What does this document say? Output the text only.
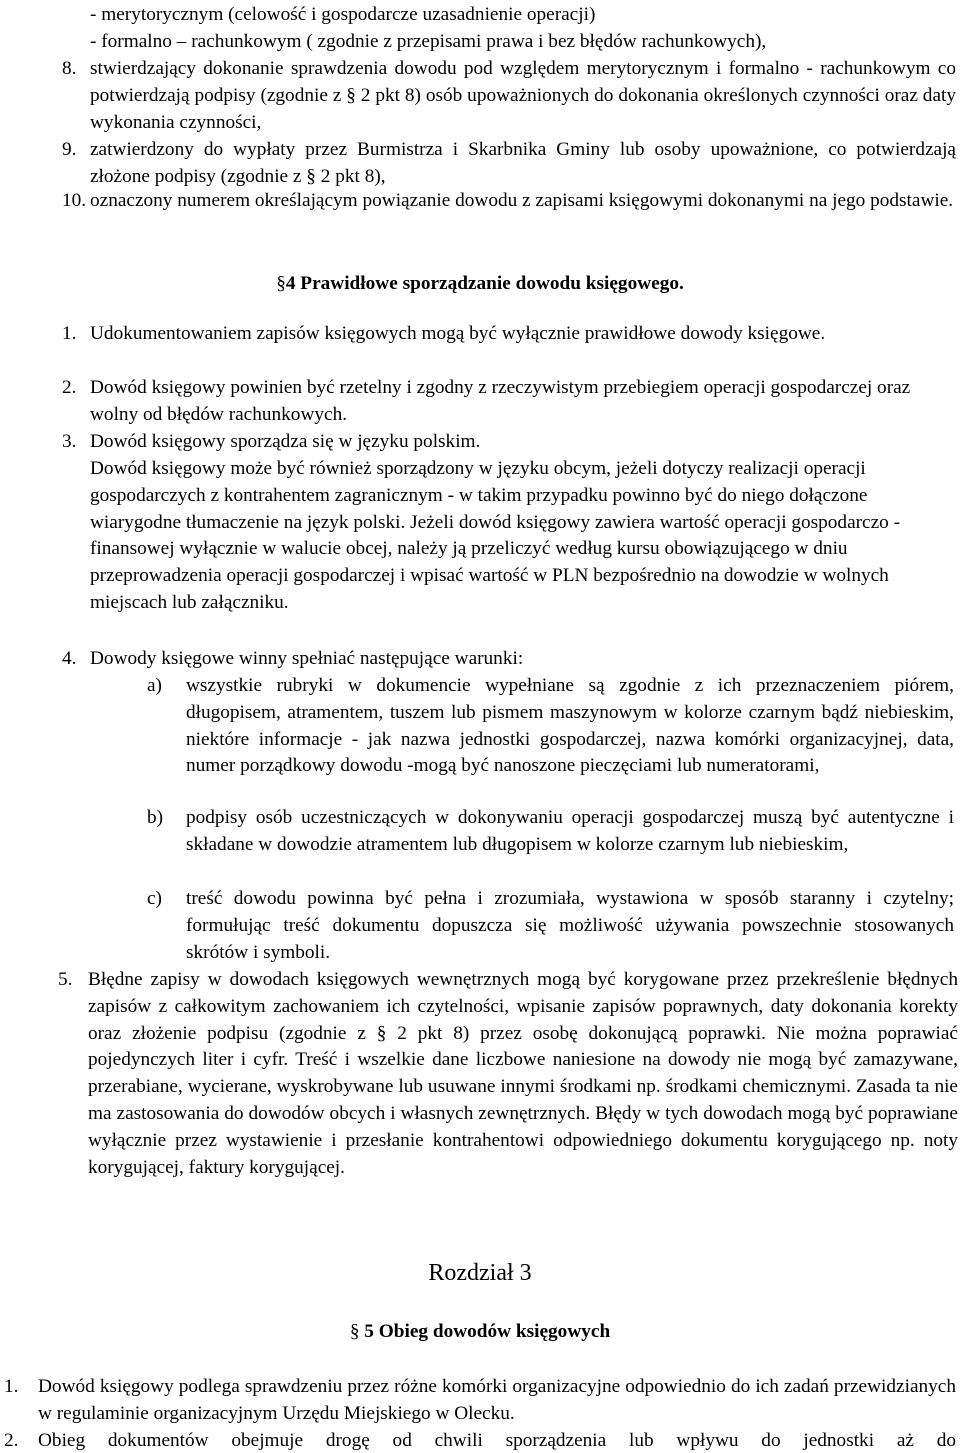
- merytorycznym (celowość i gospodarcze uzasadnienie operacji)
- formalno – rachunkowym ( zgodnie z przepisami prawa i bez błędów rachunkowych),
8. stwierdzający dokonanie sprawdzenia dowodu pod względem merytorycznym i formalno - rachunkowym co potwierdzają podpisy (zgodnie z § 2 pkt 8) osób upoważnionych do dokonania określonych czynności oraz daty wykonania czynności,
9. zatwierdzony do wypłaty przez Burmistrza i Skarbnika Gminy lub osoby upoważnione, co potwierdzają złożone podpisy (zgodnie z § 2 pkt 8),
10. oznaczony numerem określającym powiązanie dowodu z zapisami księgowymi dokonanymi na jego podstawie.
§4 Prawidłowe sporządzanie dowodu księgowego.
1. Udokumentowaniem zapisów księgowych mogą być wyłącznie prawidłowe dowody księgowe.
2. Dowód księgowy powinien być rzetelny i zgodny z rzeczywistym przebiegiem operacji gospodarczej oraz wolny od błędów rachunkowych.
3. Dowód księgowy sporządza się w języku polskim.
Dowód księgowy może być również sporządzony w języku obcym, jeżeli dotyczy realizacji operacji gospodarczych z kontrahentem zagranicznym - w takim przypadku powinno być do niego dołączone wiarygodne tłumaczenie na język polski. Jeżeli dowód księgowy zawiera wartość operacji gospodarczo - finansowej wyłącznie w walucie obcej, należy ją przeliczyć według kursu obowiązującego w dniu przeprowadzenia operacji gospodarczej i wpisać wartość w PLN bezpośrednio na dowodzie w wolnych miejscach lub załączniku.
4. Dowody księgowe winny spełniać następujące warunki:
a) wszystkie rubryki w dokumencie wypełniane są zgodnie z ich przeznaczeniem piórem, długopisem, atramentem, tuszem lub pismem maszynowym w kolorze czarnym bądź niebieskim, niektóre informacje - jak nazwa jednostki gospodarczej, nazwa komórki organizacyjnej, data, numer porządkowy dowodu -mogą być nanoszone pieczęciami lub numeratorami,
b) podpisy osób uczestniczących w dokonywaniu operacji gospodarczej muszą być autentyczne i składane w dowodzie atramentem lub długopisem w kolorze czarnym lub niebieskim,
c) treść dowodu powinna być pełna i zrozumiała, wystawiona w sposób staranny i czytelny; formułując treść dokumentu dopuszcza się możliwość używania powszechnie stosowanych skrótów i symboli.
5. Błędne zapisy w dowodach księgowych wewnętrznych mogą być korygowane przez przekreślenie błędnych zapisów z całkowitym zachowaniem ich czytelności, wpisanie zapisów poprawnych, daty dokonania korekty oraz złożenie podpisu (zgodnie z § 2 pkt 8) przez osobę dokonującą poprawki. Nie można poprawiać pojedynczych liter i cyfr. Treść i wszelkie dane liczbowe naniesione na dowody nie mogą być zamazywane, przerabiane, wycierane, wyskrobywane lub usuwane innymi środkami np. środkami chemicznymi. Zasada ta nie ma zastosowania do dowodów obcych i własnych zewnętrznych. Błędy w tych dowodach mogą być poprawiane wyłącznie przez wystawienie i przesłanie kontrahentowi odpowiedniego dokumentu korygującego np. noty korygującej, faktury korygującej.
Rozdział 3
§ 5 Obieg dowodów księgowych
1. Dowód księgowy podlega sprawdzeniu przez różne komórki organizacyjne odpowiednio do ich zadań przewidzianych w regulaminie organizacyjnym Urzędu Miejskiego w Olecku.
2. Obieg dokumentów obejmuje drogę od chwili sporządzenia lub wpływu do jednostki aż do
